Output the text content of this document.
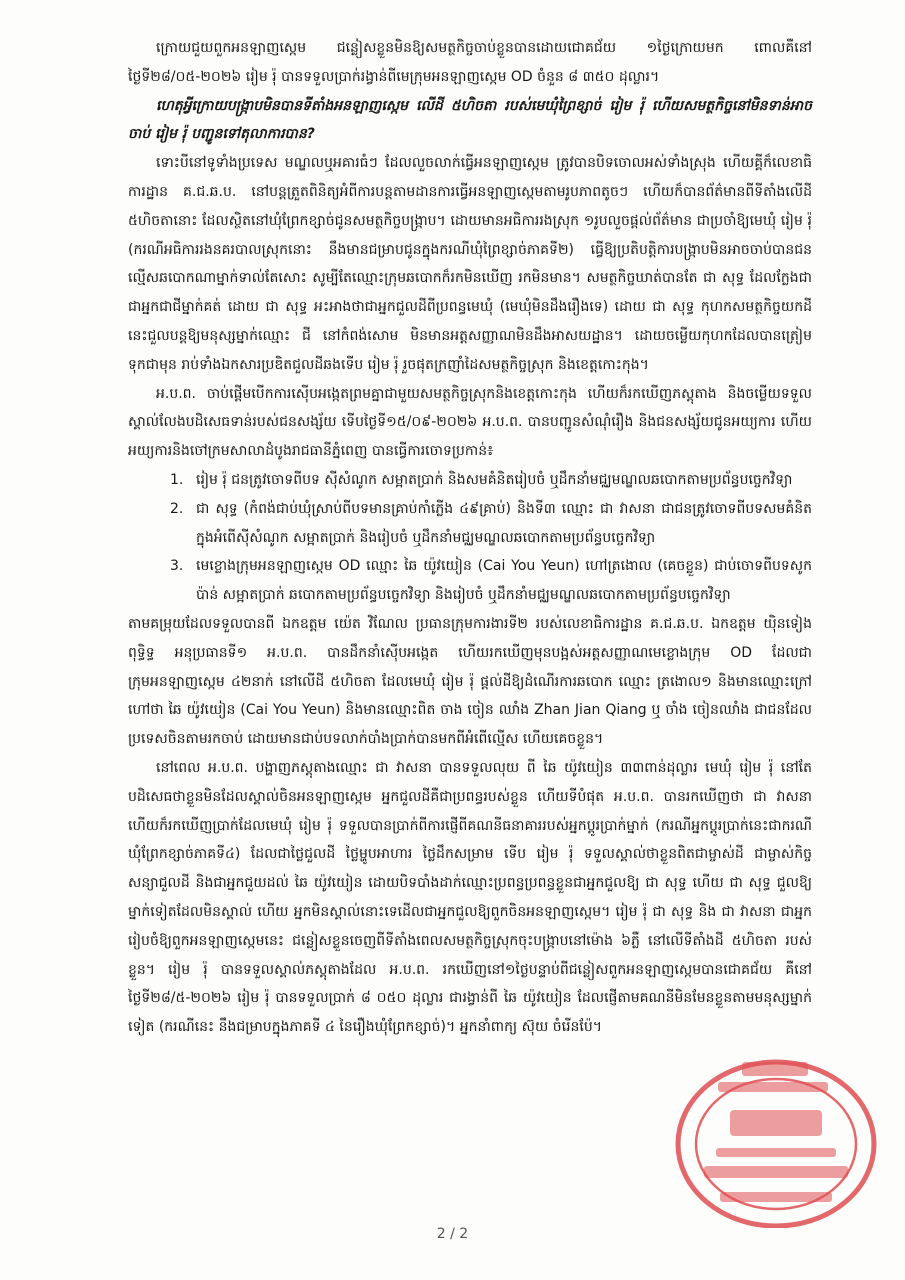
ក្រោយជួយពួកអនឡាញស្កេម ជន្លៀសខ្លួនមិនឱ្យសមត្ថកិច្ចចាប់ខ្លួនបានដោយជោគជ័យ ១ថ្ងៃក្រោយមក ពោលគឺនៅថ្ងៃទី២៨/០៥-២០២៦ រៀម រ៉ុ បានទទួលប្រាក់រង្វាន់ពីមេក្រុមអនឡាញស្កេម OD ចំនួន ៨ ៣៥០ ដុល្លារ។

ហេតុអ្វីក្រោយបង្ក្រាបមិនបានទីតាំងអនឡាញស្កេម លើដី ៥ហិចតា របស់មេឃុំព្រៃខ្សាច់ រៀម រ៉ុ ហើយសមត្ថកិច្ចនៅមិនទាន់អាចចាប់ រៀម រ៉ុ បញ្ជូនទៅតុលាការបាន?

ទោះបីនៅទូទាំងប្រទេស មណ្ឌលឬអគារធំៗ ដែលលួចលាក់ធ្វើអនឡាញស្កេម ត្រូវបានបិទចោលអស់ទាំងស្រុង ហើយគ្គីក៏លេខាធិការដ្ឋាន គ.ជ.ឆ.ប. នៅបន្តត្រួតពិនិត្យអំពីការបន្តតាមដានការធ្វើអនឡាញស្កេមតាមរូបភាពតូចៗ ហើយក៏បានព័ត៌មានពីទីតាំងលើដី ៥ហិចតានោះ ដែលស្ថិតនៅឃុំព្រែកខ្សាច់ជូនសមត្ថកិច្ចបង្ក្រាប។ ដោយមានអធិការរងស្រុក ១រូបលួចផ្តល់ព័ត៌មាន ជាប្រចាំឱ្យមេឃុំ រៀម រ៉ុ (ករណីអធិការរងនគរបាលស្រុកនោះ នឹងមានជម្រាបជូនក្នុងករណីឃុំព្រៃខ្សាច់ភាគទី២) ធ្វើឱ្យប្រតិបត្តិការបង្ក្រាបមិនអាចចាប់បានជនល្មើសឆបោកណាម្នាក់ទាល់តែសោះ សូម្បីតែឈ្មោះក្រុមឆបោកក៏រកមិនឃើញ រកមិនមាន។ សមត្ថកិច្ចឃាត់បានតែ ជា សុទ្ធ ដែលក្លែងជាជាអ្នកជាជីម្នាក់គត់ ដោយ ជា សុទ្ធ អះអាងថាជាអ្នកជួលដីពីប្រពន្ធមេឃុំ (មេឃុំមិនដឹងរឿងទេ) ដោយ ជា សុទ្ធ កុហកសមត្ថកិច្ចយកដីនេះជួលបន្តឱ្យមនុស្សម្នាក់ឈ្មោះ ជី នៅកំពង់សោម មិនមានអត្តសញ្ញាណមិនដឹងអាសយដ្ឋាន។ ដោយចម្លើយកុហកដែលបានត្រៀមទុកជាមុន រាប់ទាំងឯកសារប្រឌិតជួលដីឆងទើប រៀម រ៉ុ រួចផុតក្រញាំដៃសមត្ថកិច្ចស្រុក និងខេត្តកោះកុង។

អ.ប.ព. ចាប់ផ្តើមបើកការស៊ើបអង្កេតព្រមគ្នាជាមួយសមត្ថកិច្ចស្រុកនិងខេត្តកោះកុង ហើយក៏រកឃើញភស្តុតាង និងចម្លើយទទួលស្គាល់លែងបដិសេធទាន់របស់ជនសង្ស័យ ទើបថ្ងៃទី១៥/០៩-២០២៦ អ.ប.ព. បានបញ្ជូនសំណុំរឿង និងជនសង្ស័យជូនអយ្យការ ហើយអយ្យការនិងចៅក្រមសាលាដំបូងរាជធានីភ្នំពេញ បានធ្វើការចោទប្រកាន់៖

1. រៀម រ៉ុ ជនត្រូវចោទពីបទ ស៊ីសំណូក សម្អាតប្រាក់ និងសមគំនិតរៀបចំ ឬដឹកនាំមជ្ឈមណ្ឌលឆបោកតាមប្រព័ន្ធបច្ចេកវិទ្យា
2. ជា សុទ្ធ (កំពង់ជាប់ឃុំស្រាប់ពីបទមានគ្រាប់កាំភ្លើង ៤៩គ្រាប់) និងទី៣ ឈ្មោះ ជា វាសនា ជាជនត្រូវចោទពីបទសមគំនិតក្នុងអំពើស៊ីសំណូក សម្អាតប្រាក់ និងរៀបចំ ឬដឹកនាំមជ្ឈមណ្ឌលឆបោកតាមប្រព័ន្ធបច្ចេកវិទ្យា
3. មេខ្លោងក្រុមអនឡាញស្កេម OD ឈ្មោះ ឆៃ យ៉ូវយៀន (Cai You Yeun) ហៅត្រងោល (គេចខ្លួន) ជាប់ចោទពីបទសូកប៉ាន់ សម្អាតប្រាក់ ឆបោកតាមប្រព័ន្ធបច្ចេកវិទ្យា និងរៀបចំ ឬដឹកនាំមជ្ឈមណ្ឌលឆបោកតាមប្រព័ន្ធបច្ចេកវិទ្យា

តាមគម្រុយដែលទទួលបានពី ឯកឧត្តម យ៉េត វិណែល ប្រធានក្រុមការងារទី២ របស់លេខាធិការដ្ឋាន គ.ជ.ឆ.ប. ឯកឧត្តម យ៉ិនទៀង ពុទ្ធិទ្ធ អនុប្រធានទី១ អ.ប.ព. បានដឹកនាំស៊ើបអង្កេត ហើយរកឃើញមុនបង្អស់អត្តសញ្ញាណមេខ្លោងក្រុម OD ដែលជាក្រុមអនឡាញស្កេម ៤២នាក់ នៅលើដី ៥ហិចតា ដែលមេឃុំ រៀម រ៉ុ ផ្តល់ដីឱ្យដំណើរការឆបោក ឈ្មោះ ត្រងោល១ និងមានឈ្មោះក្រៅហៅថា ឆៃ យ៉ូវយៀន (Cai You Yeun) និងមានឈ្មោះពិត ចាង ចៀន ឈាំង Zhan Jian Qiang ឬ ចាំង ចៀនឈាំង ជាជនដែលប្រទេសចិនតាមរកចាប់ ដោយមានជាប់បទលាក់បាំងប្រាក់បានមកពីអំពើល្មើស ហើយគេចខ្លួន។

នៅពេល អ.ប.ព. បង្ហាញភស្តុតាងឈ្មោះ ជា វាសនា បានទទួលលុយ ពី ឆៃ យ៉ូវយៀន ៣៣ពាន់ដុល្លារ មេឃុំ រៀម រ៉ុ នៅតែបដិសេធថាខ្លួនមិនដែលស្គាល់ចិនអនឡាញស្កេម អ្នកជួលដីគឺជាប្រពន្ធរបស់ខ្លួន ហើយទីបំផុត អ.ប.ព. បានរកឃើញថា ជា វាសនា ហើយក៏រកឃើញប្រាក់ដែលមេឃុំ រៀម រ៉ុ ទទួលបានប្រាក់ពីការផ្ញើពីគណនីធនាគាររបស់អ្នកប្តូរប្រាក់ម្នាក់ (ករណីអ្នកប្តូរប្រាក់នេះជាករណីឃុំព្រែកខ្សាច់ភាគទី៤) ដែលជាថ្លៃជួលដី ថ្លៃម្ហូបអាហារ ថ្លៃដឹកសម្រាម ទើប រៀម រ៉ុ ទទួលស្គាល់ថាខ្លួនពិតជាម្ចាស់ដី ជាម្ចាស់កិច្ចសន្យាជួលដី និងជាអ្នកជួយដល់ ឆៃ យ៉ូវយៀន ដោយបិទបាំងដាក់ឈ្មោះប្រពន្ធប្រពន្ធខ្លួនជាអ្នកជួលឱ្យ ជា សុទ្ធ ហើយ ជា សុទ្ធ ជួលឱ្យម្នាក់ទៀតដែលមិនស្គាល់ ហើយ អ្នកមិនស្គាល់នោះទេដើលជាអ្នកជួលឱ្យពួកចិនអនឡាញស្កេម។ រៀម រ៉ុ ជា សុទ្ធ និង ជា វាសនា ជាអ្នករៀបចំឱ្យពួកអនឡាញស្កេមនេះ ជន្លៀសខ្លួនចេញពីទីតាំងពេលសមត្ថកិច្ចស្រុកចុះបង្ក្រាបនៅម៉ោង ៦ភ្លឺ នៅលើទីតាំងដី ៥ហិចតា របស់ខ្លួន។ រៀម រ៉ុ បានទទួលស្គាល់ភស្តុតាងដែល អ.ប.ព. រកឃើញនៅ១ថ្ងៃបន្ទាប់ពីជន្លៀសពួកអនឡាញស្កេមបានជោគជ័យ គឺនៅថ្ងៃទី២៨/៥-២០២៦ រៀម រ៉ុ បានទទួលប្រាក់ ៨ ០៥០ ដុល្លារ ជារង្វាន់ពី ឆៃ យ៉ូវយៀន ដែលផ្ញើតាមគណនីមិនមែនខ្លួនតាមមនុស្សម្នាក់ទៀត (ករណីនេះ នឹងជម្រាបក្នុងភាគទី ៤ នៃរឿងឃុំព្រែកខ្សាច់)។ អ្នកនាំពាក្យ ស៊ុយ ចំរើនប៉ែ។

2 / 2
